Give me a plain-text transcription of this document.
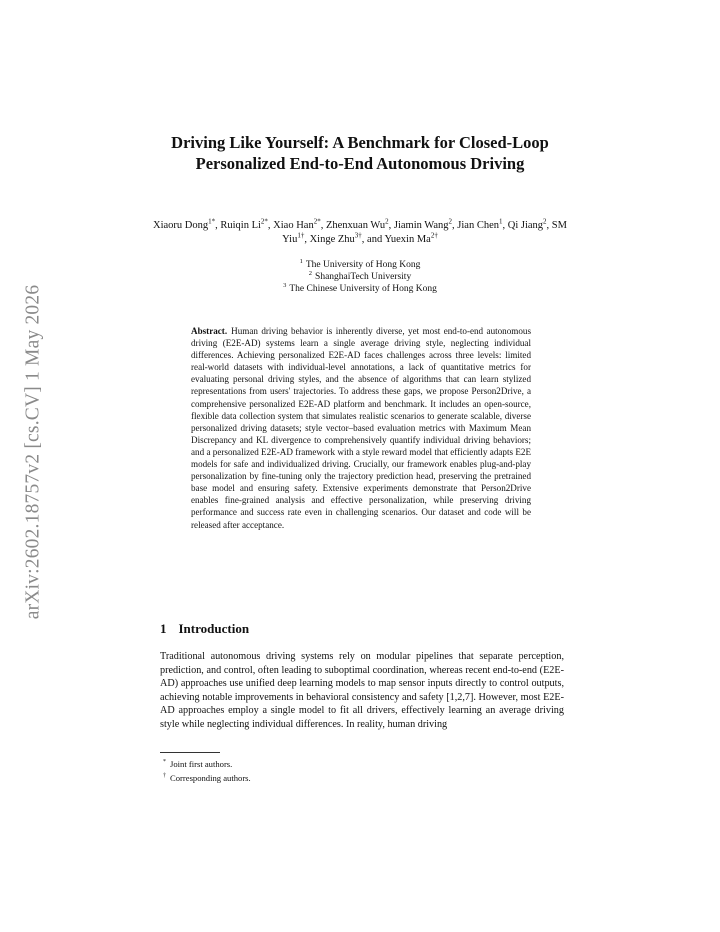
arXiv:2602.18757v2 [cs.CV] 1 May 2026
Driving Like Yourself: A Benchmark for Closed-Loop Personalized End-to-End Autonomous Driving
Xiaoru Dong$^{1*}$, Ruiqin $Li^{2*}$, Xiao Han$^{2*}$, Zhenxuan Wu$^2$, Jiamin Wang$^2$, Jian Chen$^1$, Qi Jiang$^2$, SM Yiu$^{1\dagger}$, Xinge Zhu$^{3\dagger}$, and Yuexin $Ma^{2\dagger}$
$^1$ The University of Hong Kong
$^2$ ShanghaiTech University
$^3$ The Chinese University of Hong Kong
Abstract. Human driving behavior is inherently diverse, yet most end-to-end autonomous driving (E2E-AD) systems learn a single average driving style, neglecting individual differences. Achieving personalized E2E-AD faces challenges across three levels: limited real-world datasets with individual-level annotations, a lack of quantitative metrics for evaluating personal driving styles, and the absence of algorithms that can learn stylized representations from users' trajectories. To address these gaps, we propose Person2Drive, a comprehensive personalized E2E-AD platform and benchmark. It includes an open-source, flexible data collection system that simulates realistic scenarios to generate scalable, diverse personalized driving datasets; style vector–based evaluation metrics with Maximum Mean Discrepancy and KL divergence to comprehensively quantify individual driving behaviors; and a personalized E2E-AD framework with a style reward model that efficiently adapts E2E models for safe and individualized driving. Crucially, our framework enables plug-and-play personalization by fine-tuning only the trajectory prediction head, preserving the pretrained base model and ensuring safety. Extensive experiments demonstrate that Person2Drive enables fine-grained analysis and effective personalization, while preserving driving performance and success rate even in challenging scenarios. Our dataset and code will be released after acceptance.
1 Introduction
Traditional autonomous driving systems rely on modular pipelines that separate perception, prediction, and control, often leading to suboptimal coordination, whereas recent end-to-end (E2E-AD) approaches use unified deep learning models to map sensor inputs directly to control outputs, achieving notable improvements in behavioral consistency and safety [1,2,7]. However, most E2E-AD approaches employ a single model to fit all drivers, effectively learning an average driving style while neglecting individual differences. In reality, human driving
* Joint first authors.
† Corresponding authors.
